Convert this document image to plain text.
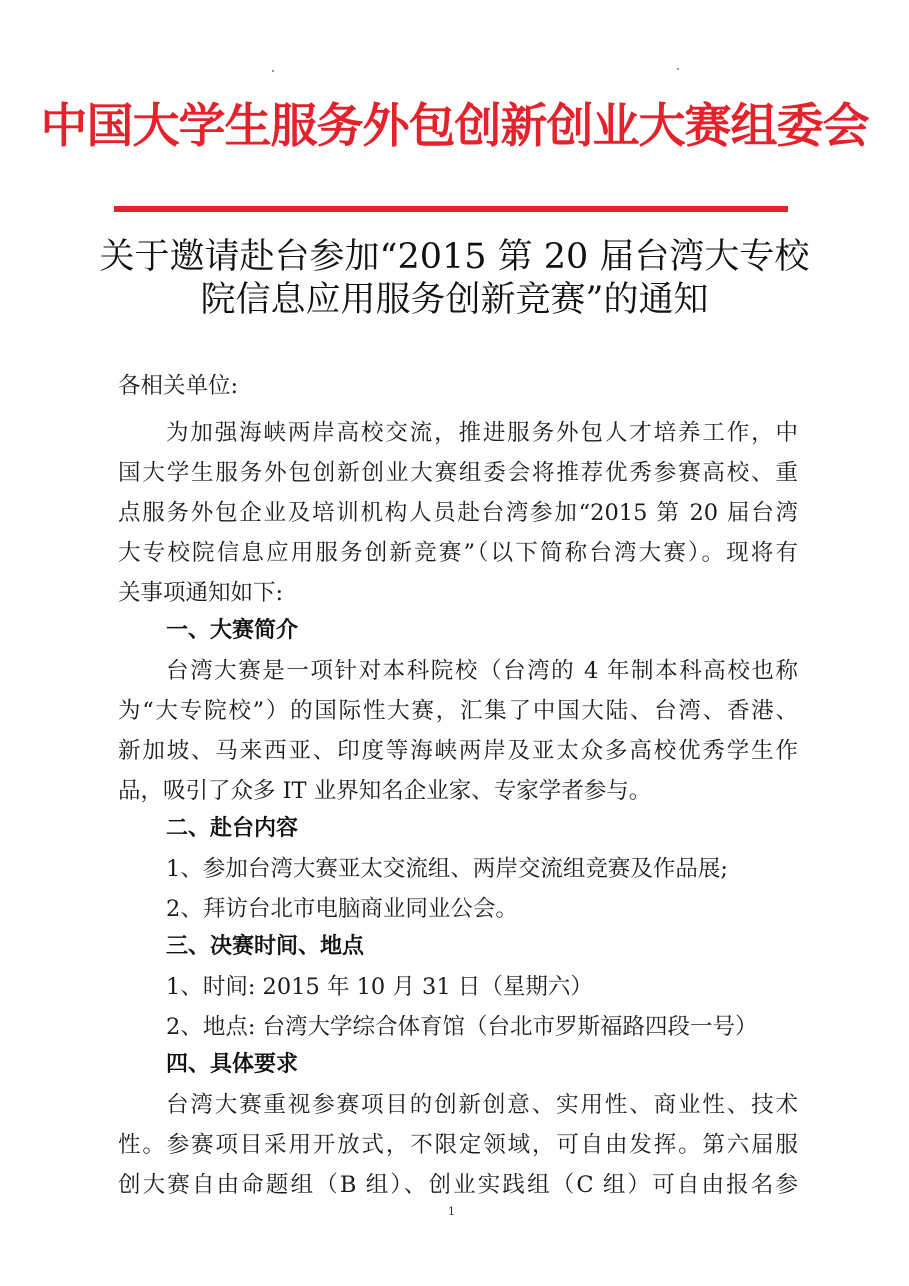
中国大学生服务外包创新创业大赛组委会
关于邀请赴台参加“2015 第 20 届台湾大专校
院信息应用服务创新竞赛”的通知
各相关单位:
为加强海峡两岸高校交流，推进服务外包人才培养工作，中
国大学生服务外包创新创业大赛组委会将推荐优秀参赛高校、重
点服务外包企业及培训机构人员赴台湾参加“2015 第 20 届台湾
大专校院信息应用服务创新竞赛”（以下简称台湾大赛）。现将有
关事项通知如下:
一、大赛简介
台湾大赛是一项针对本科院校（台湾的 4 年制本科高校也称
为“大专院校”）的国际性大赛，汇集了中国大陆、台湾、香港、
新加坡、马来西亚、印度等海峡两岸及亚太众多高校优秀学生作
品，吸引了众多 IT 业界知名企业家、专家学者参与。
二、赴台内容
1、参加台湾大赛亚太交流组、两岸交流组竞赛及作品展;
2、拜访台北市电脑商业同业公会。
三、决赛时间、地点
1、时间: 2015 年 10 月 31 日（星期六）
2、地点: 台湾大学综合体育馆（台北市罗斯福路四段一号）
四、具体要求
台湾大赛重视参赛项目的创新创意、实用性、商业性、技术
性。参赛项目采用开放式，不限定领域，可自由发挥。第六届服
创大赛自由命题组（B 组）、创业实践组（C 组）可自由报名参
1
